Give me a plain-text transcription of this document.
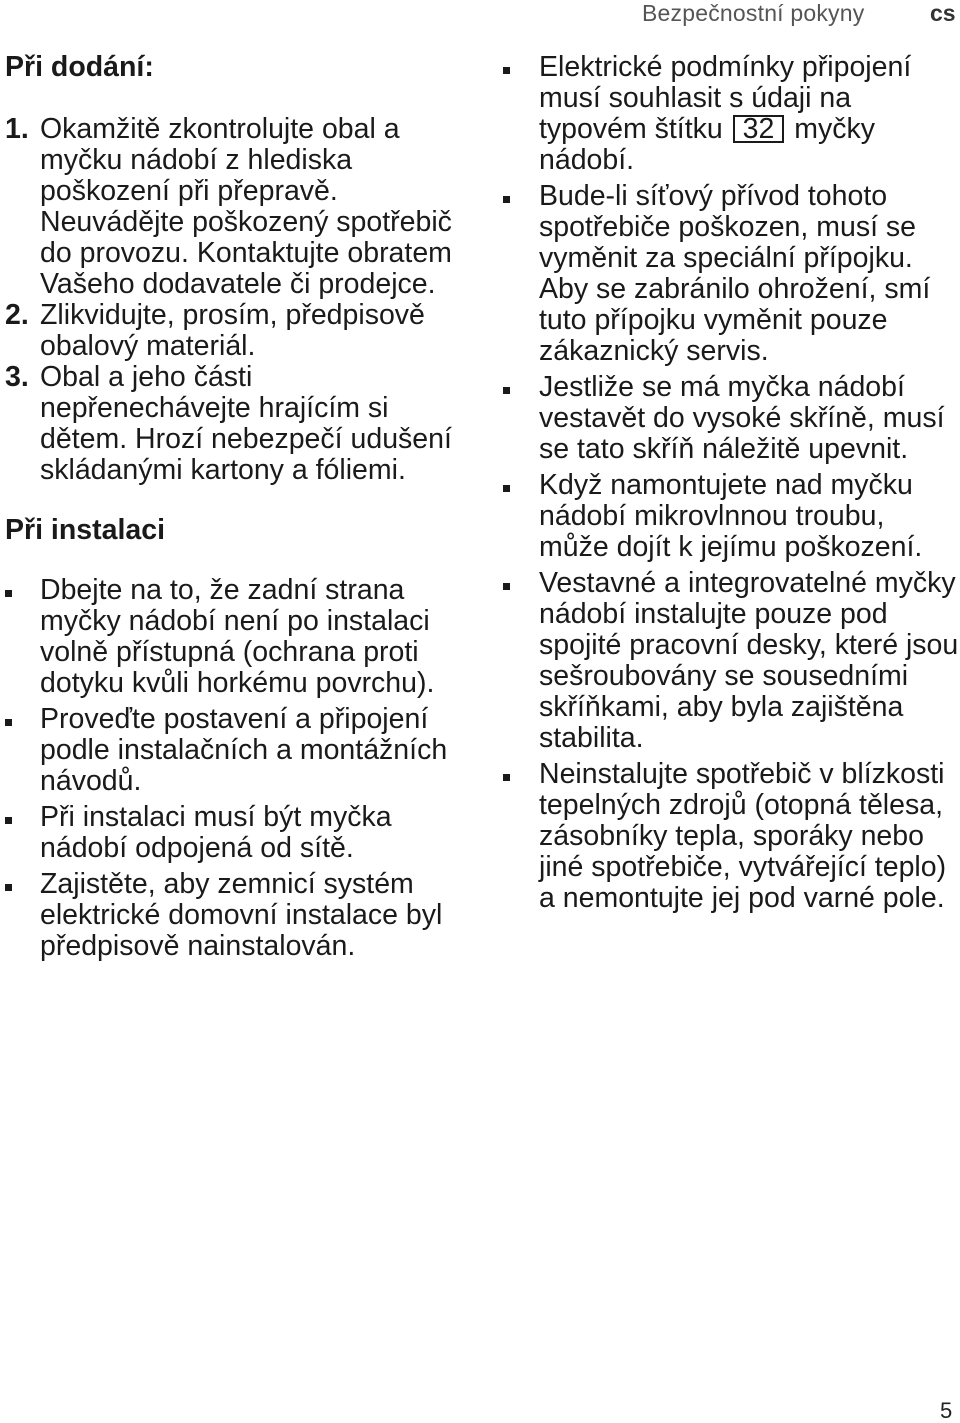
Bezpečnostní pokyny	cs

Při dodání:

1. Okamžitě zkontrolujte obal a myčku nádobí z hlediska poškození při přepravě. Neuvádějte poškozený spotřebič do provozu. Kontaktujte obratem Vašeho dodavatele či prodejce.
2. Zlikvidujte, prosím, předpisově obalový materiál.
3. Obal a jeho části nepřenechávejte hrajícím si dětem. Hrozí nebezpečí udušení skládanými kartony a fóliemi.

Při instalaci

Dbejte na to, že zadní strana myčky nádobí není po instalaci volně přístupná (ochrana proti dotyku kvůli horkému povrchu).
Proveďte postavení a připojení podle instalačních a montážních návodů.
Při instalaci musí být myčka nádobí odpojená od sítě.
Zajistěte, aby zemnicí systém elektrické domovní instalace byl předpisově nainstalován.
Elektrické podmínky připojení musí souhlasit s údaji na typovém štítku 32 myčky nádobí.

Bude-li síťový přívod tohoto spotřebiče poškozen, musí se vyměnit za speciální přípojku.

Aby se zabránilo ohrožení, smí tuto přípojku vyměnit pouze zákaznický servis.

Jestliže se má myčka nádobí vestavět do vysoké skříně, musí se tato skříň náležitě upevnit.
Když namontujete nad myčku nádobí mikrovlnnou troubu, může dojít k jejímu poškození.
Vestavné a integrovatelné myčky nádobí instalujte pouze pod spojité pracovní desky, které jsou sešroubovány se sousedními skříňkami, aby byla zajištěna stabilita.
Neinstalujte spotřebič v blízkosti tepelných zdrojů (otopná tělesa, zásobníky tepla, sporáky nebo jiné spotřebiče, vytvářející teplo) a nemontujte jej pod varné pole.
5
